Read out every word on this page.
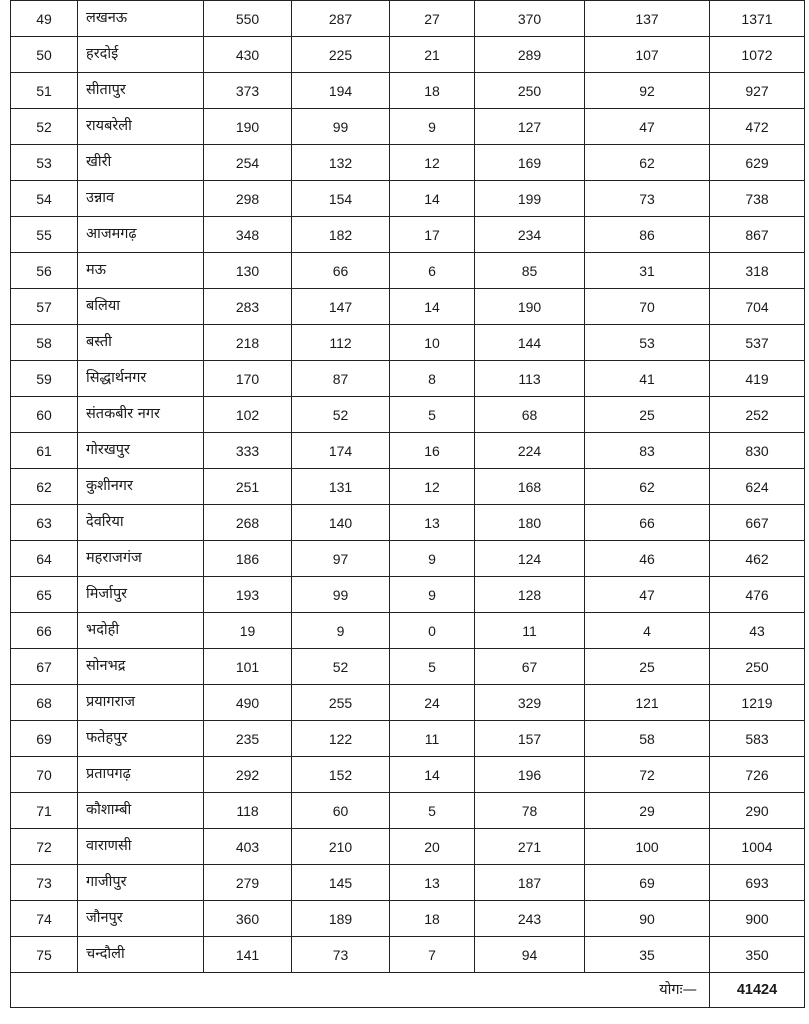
49	लखनऊ	550	287	27	370	137	1371
50	हरदोई	430	225	21	289	107	1072
51	सीतापुर	373	194	18	250	92	927
52	रायबरेली	190	99	9	127	47	472
53	खीरी	254	132	12	169	62	629
54	उन्नाव	298	154	14	199	73	738
55	आजमगढ़	348	182	17	234	86	867
56	मऊ	130	66	6	85	31	318
57	बलिया	283	147	14	190	70	704
58	बस्ती	218	112	10	144	53	537
59	सिद्धार्थनगर	170	87	8	113	41	419
60	संतकबीर नगर	102	52	5	68	25	252
61	गोरखपुर	333	174	16	224	83	830
62	कुशीनगर	251	131	12	168	62	624
63	देवरिया	268	140	13	180	66	667
64	महराजगंज	186	97	9	124	46	462
65	मिर्जापुर	193	99	9	128	47	476
66	भदोही	19	9	0	11	4	43
67	सोनभद्र	101	52	5	67	25	250
68	प्रयागराज	490	255	24	329	121	1219
69	फतेहपुर	235	122	11	157	58	583
70	प्रतापगढ़	292	152	14	196	72	726
71	कौशाम्बी	118	60	5	78	29	290
72	वाराणसी	403	210	20	271	100	1004
73	गाजीपुर	279	145	13	187	69	693
74	जौनपुर	360	189	18	243	90	900
75	चन्दौली	141	73	7	94	35	350
योगः—							41424
